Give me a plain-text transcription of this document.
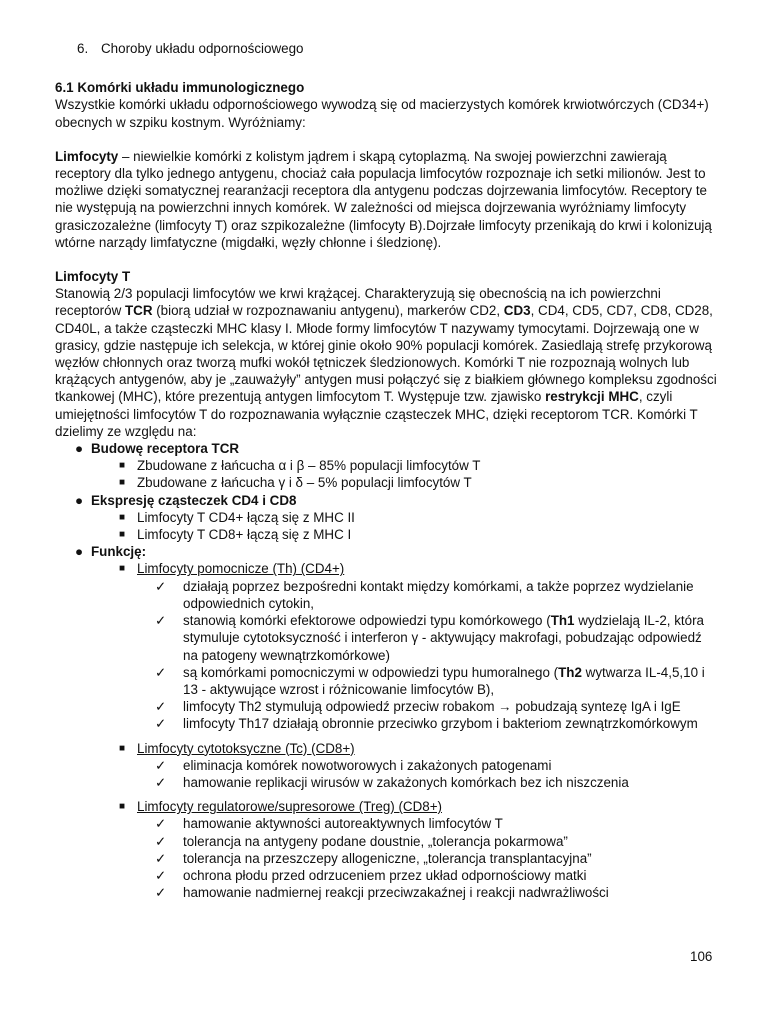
6. Choroby układu odpornościowego

6.1 Komórki układu immunologicznego

Wszystkie komórki układu odpornościowego wywodzą się od macierzystych komórek krwiotwórczych (CD34+) obecnych w szpiku kostnym. Wyróżniamy:

Limfocyty – niewielkie komórki z kolistym jądrem i skąpą cytoplazmą. Na swojej powierzchni zawierają receptory dla tylko jednego antygenu, chociaż cała populacja limfocytów rozpoznaje ich setki milionów. Jest to możliwe dzięki somatycznej rearanżacji receptora dla antygenu podczas dojrzewania limfocytów. Receptory te nie występują na powierzchni innych komórek. W zależności od miejsca dojrzewania wyróżniamy limfocyty grasiczozależne (limfocyty T) oraz szpikozależne (limfocyty B).Dojrzałe limfocyty przenikają do krwi i kolonizują wtórne narządy limfatyczne (migdałki, węzły chłonne i śledzionę).

Limfocyty T

Stanowią 2/3 populacji limfocytów we krwi krążącej. Charakteryzują się obecnością na ich powierzchni receptorów TCR (biorą udział w rozpoznawaniu antygenu), markerów CD2, CD3, CD4, CD5, CD7, CD8, CD28, CD40L, a także cząsteczki MHC klasy I. Młode formy limfocytów T nazywamy tymocytami. Dojrzewają one w grasicy, gdzie następuje ich selekcja, w której ginie około 90% populacji komórek. Zasiedlają strefę przykorową węzłów chłonnych oraz tworzą mufki wokół tętniczek śledzionowych. Komórki T nie rozpoznają wolnych lub krążących antygenów, aby je „zauważyły” antygen musi połączyć się z białkiem głównego kompleksu zgodności tkankowej (MHC), które prezentują antygen limfocytom T. Występuje tzw. zjawisko restrykcji MHC, czyli umiejętności limfocytów T do rozpoznawania wyłącznie cząsteczek MHC, dzięki receptorom TCR. Komórki T dzielimy ze względu na:

● Budowę receptora TCR
■ Zbudowane z łańcucha α i β – 85% populacji limfocytów T
■ Zbudowane z łańcucha γ i δ – 5% populacji limfocytów T
● Ekspresję cząsteczek CD4 i CD8
■ Limfocyty T CD4+ łączą się z MHC II
■ Limfocyty T CD8+ łączą się z MHC I
● Funkcję:
■ Limfocyty pomocnicze (Th) (CD4+)
✓ działają poprzez bezpośredni kontakt między komórkami, a także poprzez wydzielanie odpowiednich cytokin,
✓ stanowią komórki efektorowe odpowiedzi typu komórkowego (Th1 wydzielają IL-2, która stymuluje cytotoksyczność i interferon γ - aktywujący makrofagi, pobudzając odpowiedź na patogeny wewnątrzkomórkowe)
✓ są komórkami pomocniczymi w odpowiedzi typu humoralnego (Th2 wytwarza IL-4,5,10 i 13 - aktywujące wzrost i różnicowanie limfocytów B),
✓ limfocyty Th2 stymulują odpowiedź przeciw robakom → pobudzają syntezę IgA i IgE
✓ limfocyty Th17 działają obronnie przeciwko grzybom i bakteriom zewnątrzkomórkowym
■ Limfocyty cytotoksyczne (Tc) (CD8+)
✓ eliminacja komórek nowotworowych i zakażonych patogenami
✓ hamowanie replikacji wirusów w zakażonych komórkach bez ich niszczenia
■ Limfocyty regulatorowe/supresorowe (Treg) (CD8+)
✓ hamowanie aktywności autoreaktywnych limfocytów T
✓ tolerancja na antygeny podane doustnie, „tolerancja pokarmowa”
✓ tolerancja na przeszczepy allogeniczne, „tolerancja transplantacyjna”
✓ ochrona płodu przed odrzuceniem przez układ odpornościowy matki
✓ hamowanie nadmiernej reakcji przeciwzakaźnej i reakcji nadwrażliwości
106
